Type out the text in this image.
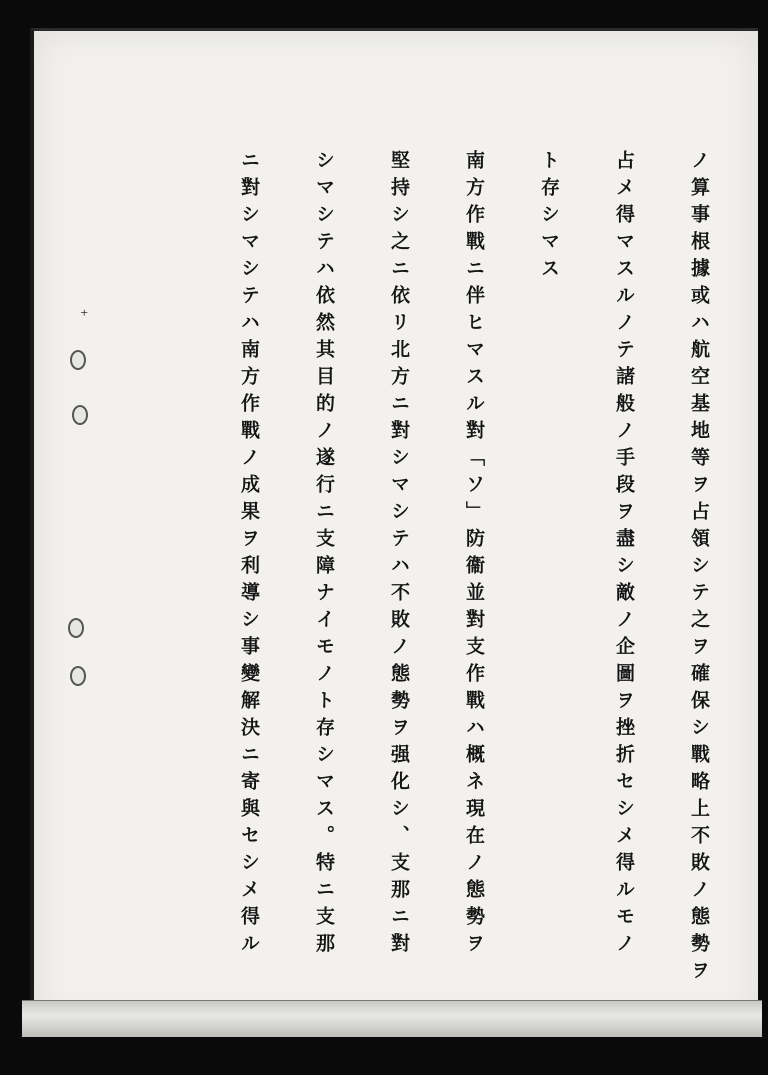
⁺	ノ算事根據或ハ航空基地等ヲ占領シテ之ヲ確保シ戰略上不敗ノ態勢ヲ
占メ得マスルノテ諸般ノ手段ヲ盡シ敵ノ企圖ヲ挫折セシメ得ルモノ
ト存シマス
南方作戰ニ伴ヒマスル對「ソ」防衞並對支作戰ハ概ネ現在ノ態勢ヲ
堅持シ之ニ依リ北方ニ對シマシテハ不敗ノ態勢ヲ强化シ、支那ニ對
シマシテハ依然其目的ノ遂行ニ支障ナイモノト存シマス。特ニ支那
ニ對シマシテハ南方作戰ノ成果ヲ利導シ事變解決ニ寄與セシメ得ル
